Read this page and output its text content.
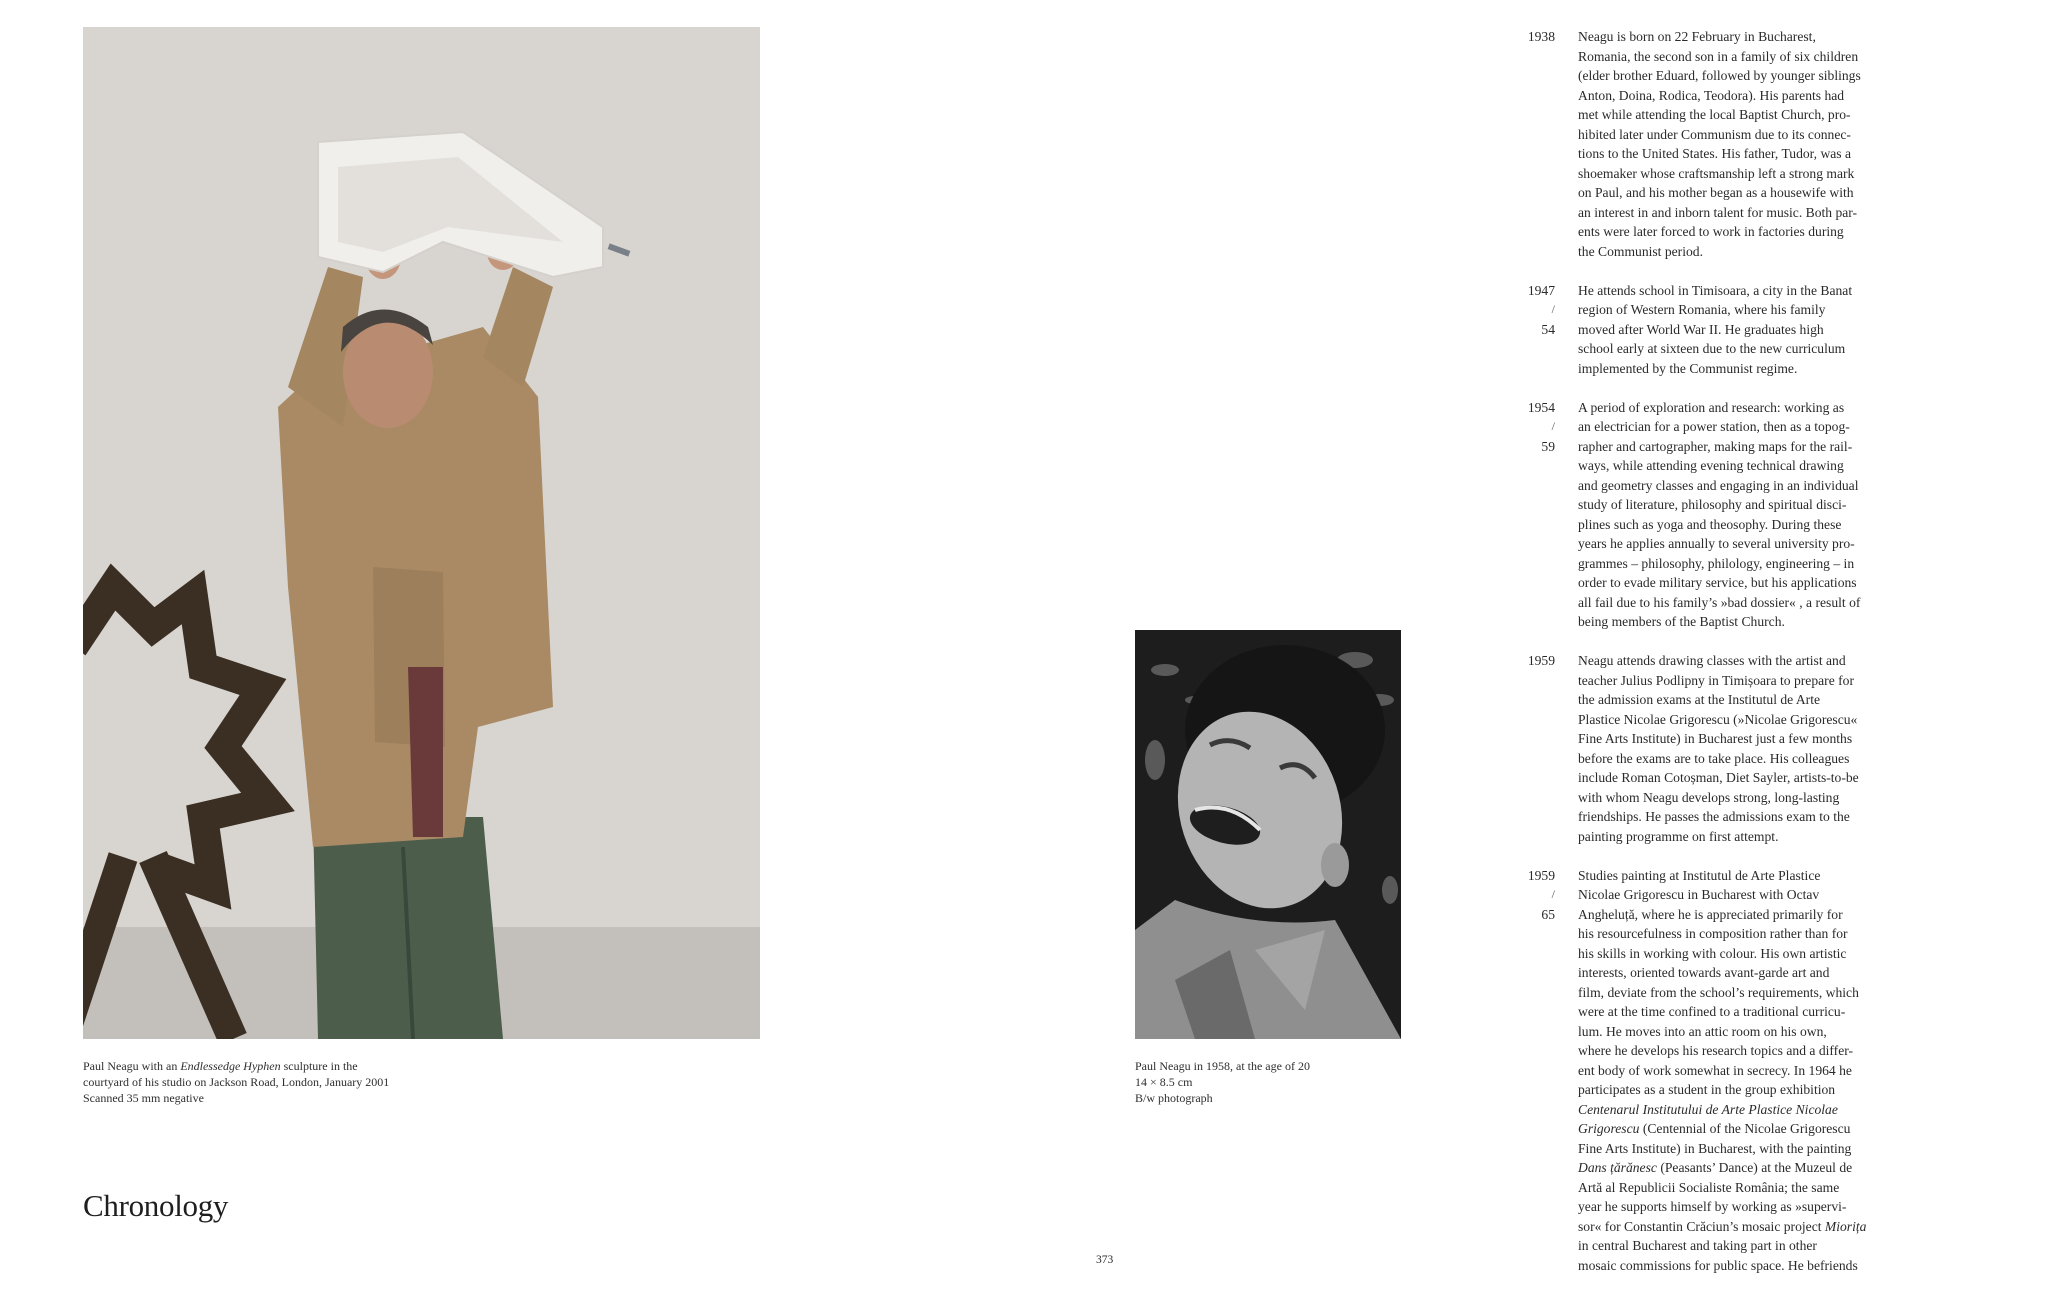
Paul Neagu with an Endlessedge Hyphen sculpture in the
courtyard of his studio on Jackson Road, London, January 2001
Scanned 35 mm negative
Paul Neagu in 1958, at the age of 20
14 × 8.5 cm
B/w photograph
Chronology
373
1938 Neagu is born on 22 February in Bucharest,
Romania, the second son in a family of six children
(elder brother Eduard, followed by younger siblings
Anton, Doina, Rodica, Teodora). His parents had
met while attending the local Baptist Church, pro-
hibited later under Communism due to its connec-
tions to the United States. His father, Tudor, was a
shoemaker whose craftsmanship left a strong mark
on Paul, and his mother began as a housewife with
an interest in and inborn talent for music. Both par-
ents were later forced to work in factories during
the Communist period.
1947
/
54
He attends school in Timisoara, a city in the Banat
region of Western Romania, where his family
moved after World War II. He graduates high
school early at sixteen due to the new curriculum
implemented by the Communist regime.
1954
/
59
A period of exploration and research: working as
an electrician for a power station, then as a topog-
rapher and cartographer, making maps for the rail-
ways, while attending evening technical drawing
and geometry classes and engaging in an individual
study of literature, philosophy and spiritual disci-
plines such as yoga and theosophy. During these
years he applies annually to several university pro-
grammes – philosophy, philology, engineering – in
order to evade military service, but his applications
all fail due to his family’s »bad dossier« , a result of
being members of the Baptist Church.
1959 Neagu attends drawing classes with the artist and
teacher Julius Podlipny in Timișoara to prepare for
the admission exams at the Institutul de Arte
Plastice Nicolae Grigorescu (»Nicolae Grigorescu«
Fine Arts Institute) in Bucharest just a few months
before the exams are to take place. His colleagues
include Roman Cotoșman, Diet Sayler, artists-to-be
with whom Neagu develops strong, long-lasting
friendships. He passes the admissions exam to the
painting programme on first attempt.
1959
/
65
Studies painting at Institutul de Arte Plastice
Nicolae Grigorescu in Bucharest with Octav
Angheluță, where he is appreciated primarily for
his resourcefulness in composition rather than for
his skills in working with colour. His own artistic
interests, oriented towards avant-garde art and
film, deviate from the school’s requirements, which
were at the time confined to a traditional curricu-
lum. He moves into an attic room on his own,
where he develops his research topics and a differ-
ent body of work somewhat in secrecy. In 1964 he
participates as a student in the group exhibition
Centenarul Institutului de Arte Plastice Nicolae
Grigorescu (Centennial of the Nicolae Grigorescu
Fine Arts Institute) in Bucharest, with the painting
Dans țărănesc (Peasants’ Dance) at the Muzeul de
Artă al Republicii Socialiste România; the same
year he supports himself by working as »supervi-
sor« for Constantin Crăciun’s mosaic project Miorița
in central Bucharest and taking part in other
mosaic commissions for public space. He befriends
